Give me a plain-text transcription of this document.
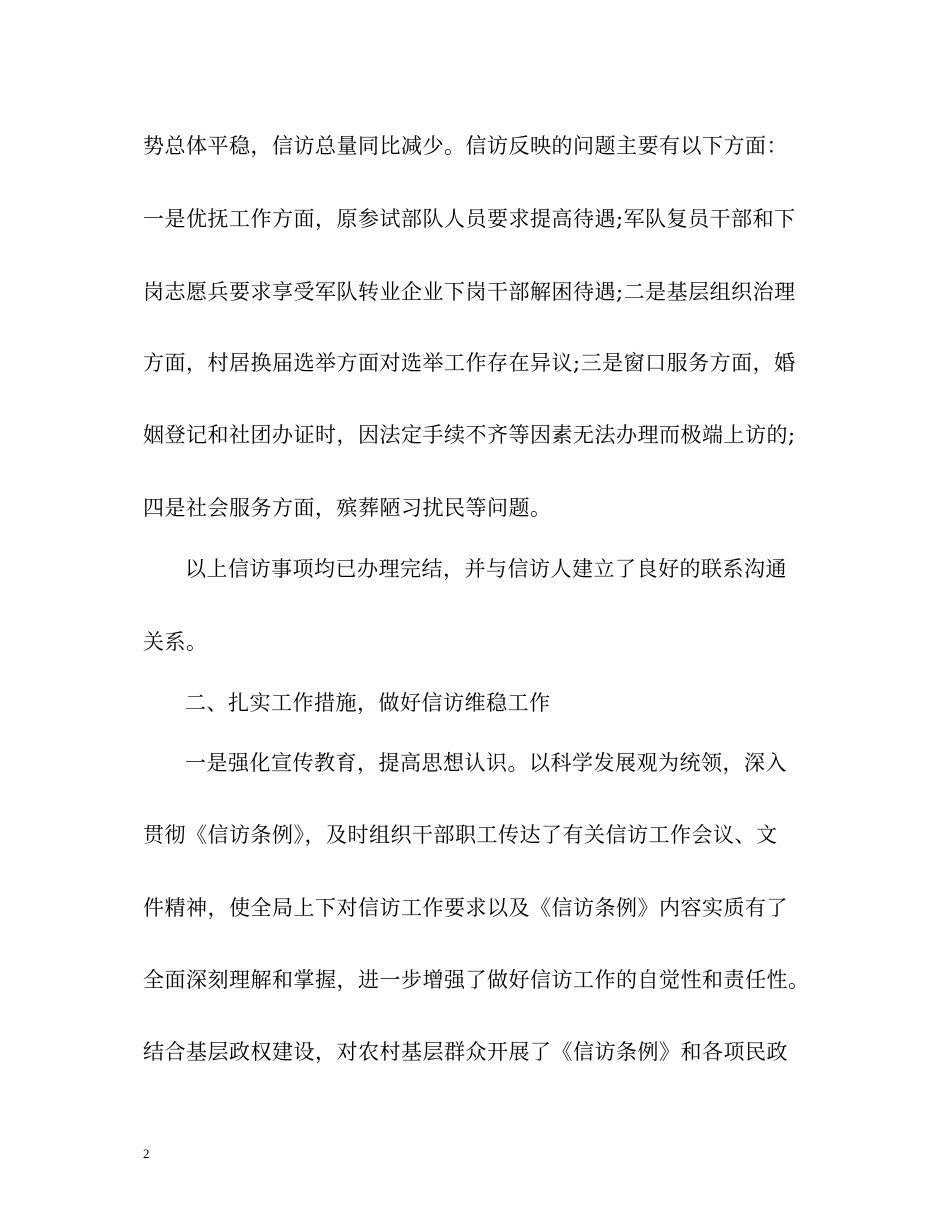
势总体平稳，信访总量同比减少。信访反映的问题主要有以下方面：
一是优抚工作方面，原参试部队人员要求提高待遇;军队复员干部和下
岗志愿兵要求享受军队转业企业下岗干部解困待遇;二是基层组织治理
方面，村居换届选举方面对选举工作存在异议;三是窗口服务方面，婚
姻登记和社团办证时，因法定手续不齐等因素无法办理而极端上访的;
四是社会服务方面，殡葬陋习扰民等问题。
以上信访事项均已办理完结，并与信访人建立了良好的联系沟通
关系。
二、扎实工作措施，做好信访维稳工作
一是强化宣传教育，提高思想认识。以科学发展观为统领，深入
贯彻《信访条例》，及时组织干部职工传达了有关信访工作会议、文
件精神，使全局上下对信访工作要求以及《信访条例》内容实质有了
全面深刻理解和掌握，进一步增强了做好信访工作的自觉性和责任性。
结合基层政权建设，对农村基层群众开展了《信访条例》和各项民政
2
